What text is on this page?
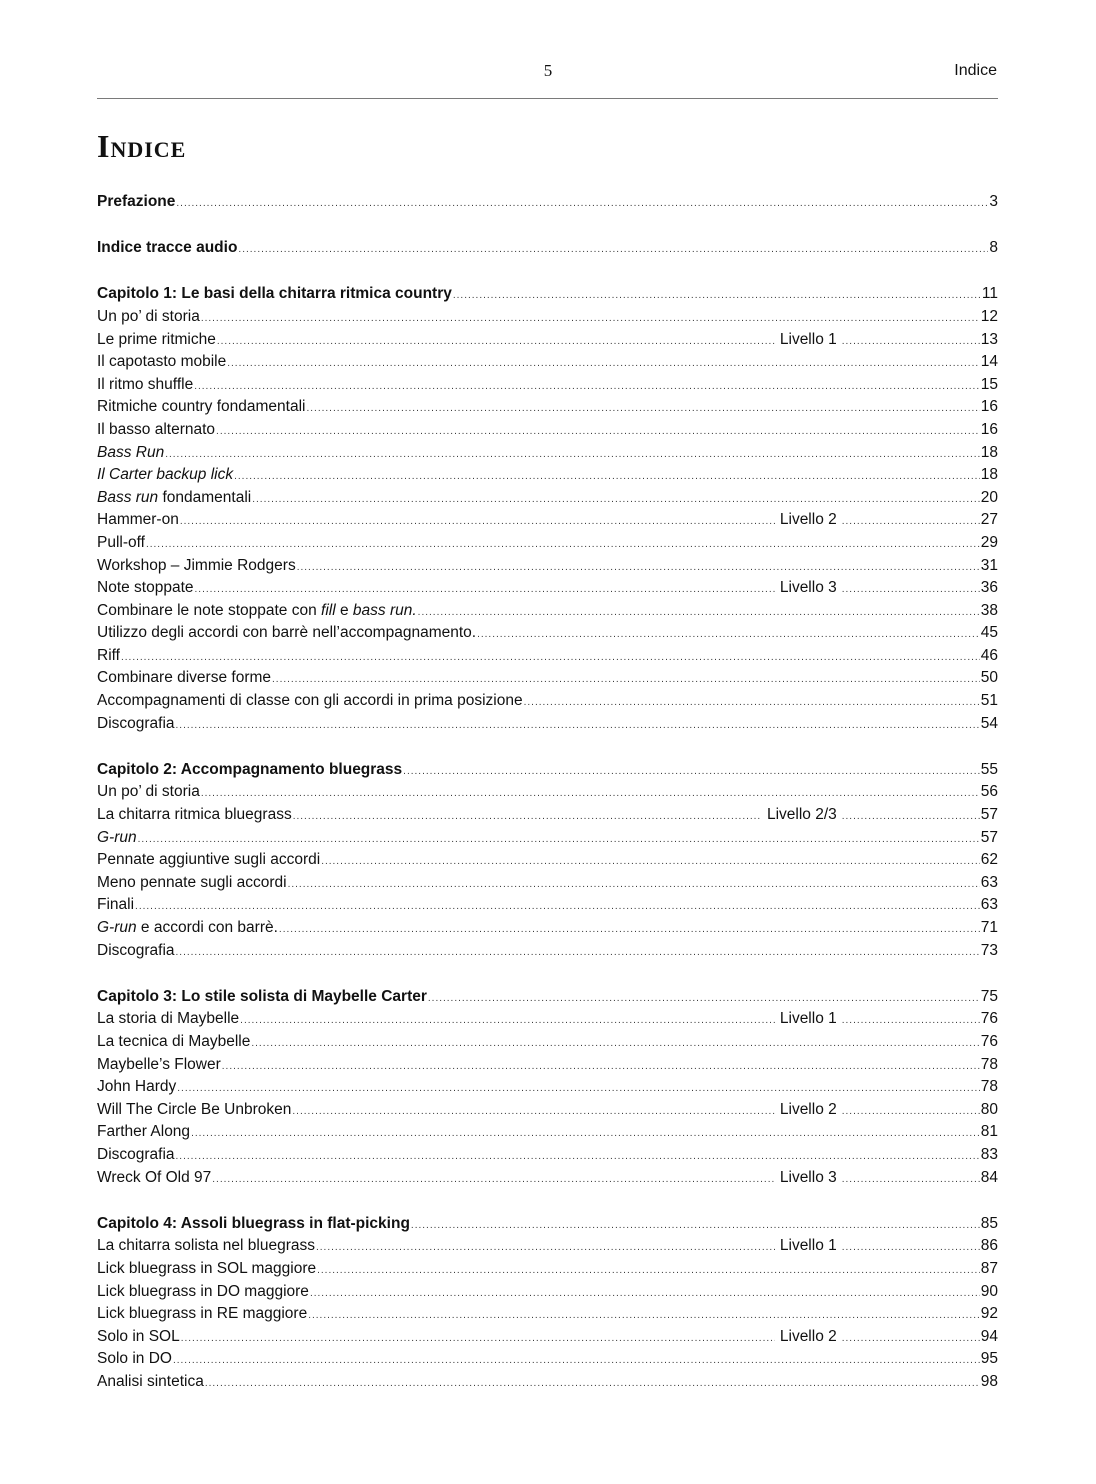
5	Indice
Indice
Prefazione .....	3
Indice tracce audio .....	8
Capitolo 1: Le basi della chitarra ritmica country .....	11
Un po’ di storia .....	12
Le prime ritmiche .....	Livello 1 .....	13
Il capotasto mobile .....	14
Il ritmo shuffle .....	15
Ritmiche country fondamentali .....	16
Il basso alternato .....	16
Bass Run .....	18
Il Carter backup lick .....	18
Bass run fondamentali .....	20
Hammer-on .....	Livello 2 .....	27
Pull-off .....	29
Workshop – Jimmie Rodgers .....	31
Note stoppate .....	Livello 3 .....	36
Combinare le note stoppate con fill e bass run. .....	38
Utilizzo degli accordi con barrè nell’accompagnamento. .....	45
Riff .....	46
Combinare diverse forme .....	50
Accompagnamenti di classe con gli accordi in prima posizione .....	51
Discografia .....	54
Capitolo 2: Accompagnamento bluegrass .....	55
Un po’ di storia .....	56
La chitarra ritmica bluegrass .....	Livello 2/3 .....	57
G-run .....	57
Pennate aggiuntive sugli accordi .....	62
Meno pennate sugli accordi .....	63
Finali .....	63
G-run e accordi con barrè. .....	71
Discografia .....	73
Capitolo 3: Lo stile solista di Maybelle Carter .....	75
La storia di Maybelle .....	Livello 1 .....	76
La tecnica di Maybelle .....	76
Maybelle’s Flower .....	78
John Hardy .....	78
Will The Circle Be Unbroken .....	Livello 2 .....	80
Farther Along .....	81
Discografia .....	83
Wreck Of Old 97 .....	Livello 3 .....	84
Capitolo 4: Assoli bluegrass in flat-picking .....	85
La chitarra solista nel bluegrass .....	Livello 1 .....	86
Lick bluegrass in SOL maggiore .....	87
Lick bluegrass in DO maggiore .....	90
Lick bluegrass in RE maggiore .....	92
Solo in SOL .....	Livello 2 .....	94
Solo in DO .....	95
Analisi sintetica .....	98
